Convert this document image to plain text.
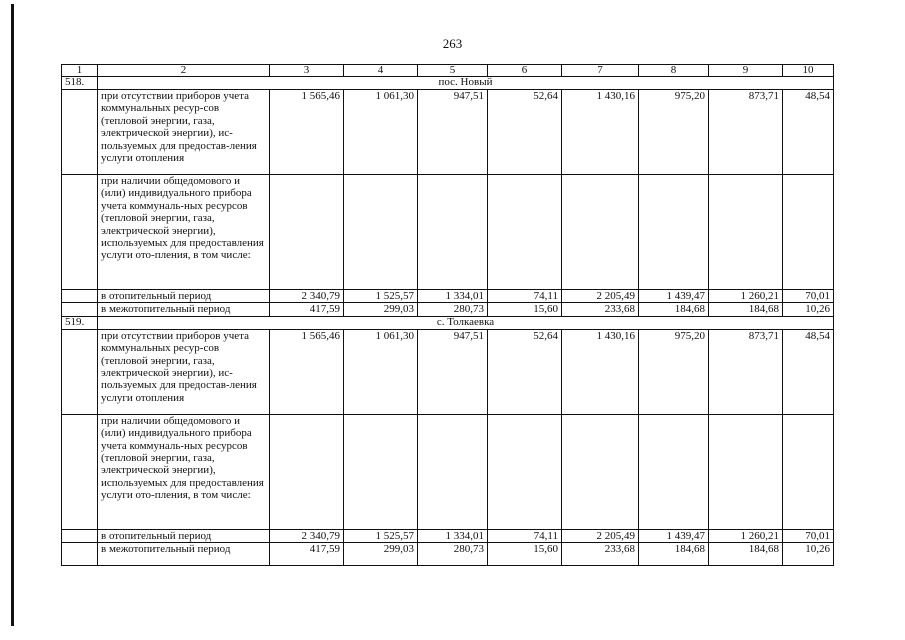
263
1	2	3	4	5	6	7	8	9	10
518.	пос. Новый								
	при отсутствии приборов учета коммунальных ресур-сов (тепловой энергии, газа, электрической энергии), ис-пользуемых для предостав-ления услуги отопления	1 565,46	1 061,30	947,51	52,64	1 430,16	975,20	873,71	48,54
	при наличии общедомового и (или) индивидуального прибора учета коммуналь-ных ресурсов (тепловой энергии, газа, электрической энергии), используемых для предоставления услуги ото-пления, в том числе:								
	в отопительный период	2 340,79	1 525,57	1 334,01	74,11	2 205,49	1 439,47	1 260,21	70,01
	в межотопительный период	417,59	299,03	280,73	15,60	233,68	184,68	184,68	10,26
519.	с. Толкаевка								
	при отсутствии приборов учета коммунальных ресур-сов (тепловой энергии, газа, электрической энергии), ис-пользуемых для предостав-ления услуги отопления	1 565,46	1 061,30	947,51	52,64	1 430,16	975,20	873,71	48,54
	при наличии общедомового и (или) индивидуального прибора учета коммуналь-ных ресурсов (тепловой энергии, газа, электрической энергии), используемых для предоставления услуги ото-пления, в том числе:								
	в отопительный период	2 340,79	1 525,57	1 334,01	74,11	2 205,49	1 439,47	1 260,21	70,01
	в межотопительный период	417,59	299,03	280,73	15,60	233,68	184,68	184,68	10,26
